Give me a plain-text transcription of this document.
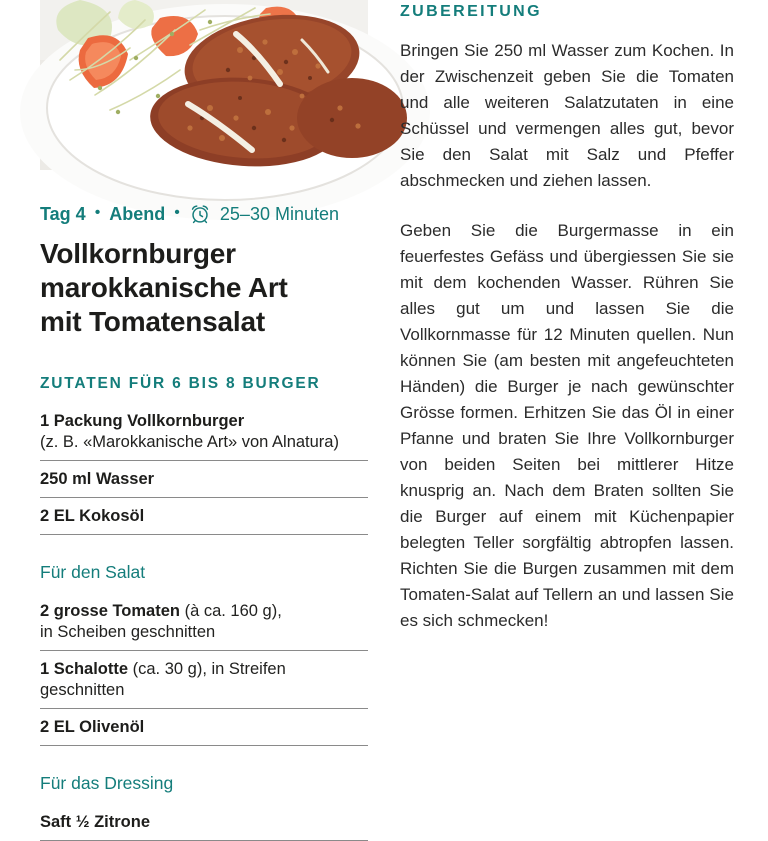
Tag 4 • Abend • 25–30 Minuten
Vollkornburger
marokkanische Art
mit Tomatensalat
ZUTATEN FÜR 6 BIS 8 BURGER
1 Packung Vollkornburger
(z. B. «Marokkanische Art» von Alnatura)
250 ml Wasser
2 EL Kokosöl
Für den Salat
2 grosse Tomaten (à ca. 160 g),
in Scheiben geschnitten
1 Schalotte (ca. 30 g), in Streifen
geschnitten
2 EL Olivenöl
Für das Dressing
Saft ½ Zitrone
ZUBEREITUNG

Bringen Sie 250 ml Wasser zum Kochen. In der Zwischenzeit geben Sie die Tomaten und alle weiteren Salatzutaten in eine Schüssel und vermengen alles gut, bevor Sie den Salat mit Salz und Pfeffer abschmecken und ziehen lassen.

Geben Sie die Burgermasse in ein feuerfestes Gefäss und übergiessen Sie sie mit dem kochenden Wasser. Rühren Sie alles gut um und lassen Sie die Vollkornmasse für 12 Minuten quellen. Nun können Sie (am besten mit angefeuchteten Händen) die Burger je nach gewünschter Grösse formen. Erhitzen Sie das Öl in einer Pfanne und braten Sie Ihre Vollkornburger von beiden Seiten bei mittlerer Hitze knusprig an. Nach dem Braten sollten Sie die Burger auf einem mit Küchenpapier belegten Teller sorgfältig abtropfen lassen. Richten Sie die Burgen zusammen mit dem Tomaten-Salat auf Tellern an und lassen Sie es sich schmecken!
